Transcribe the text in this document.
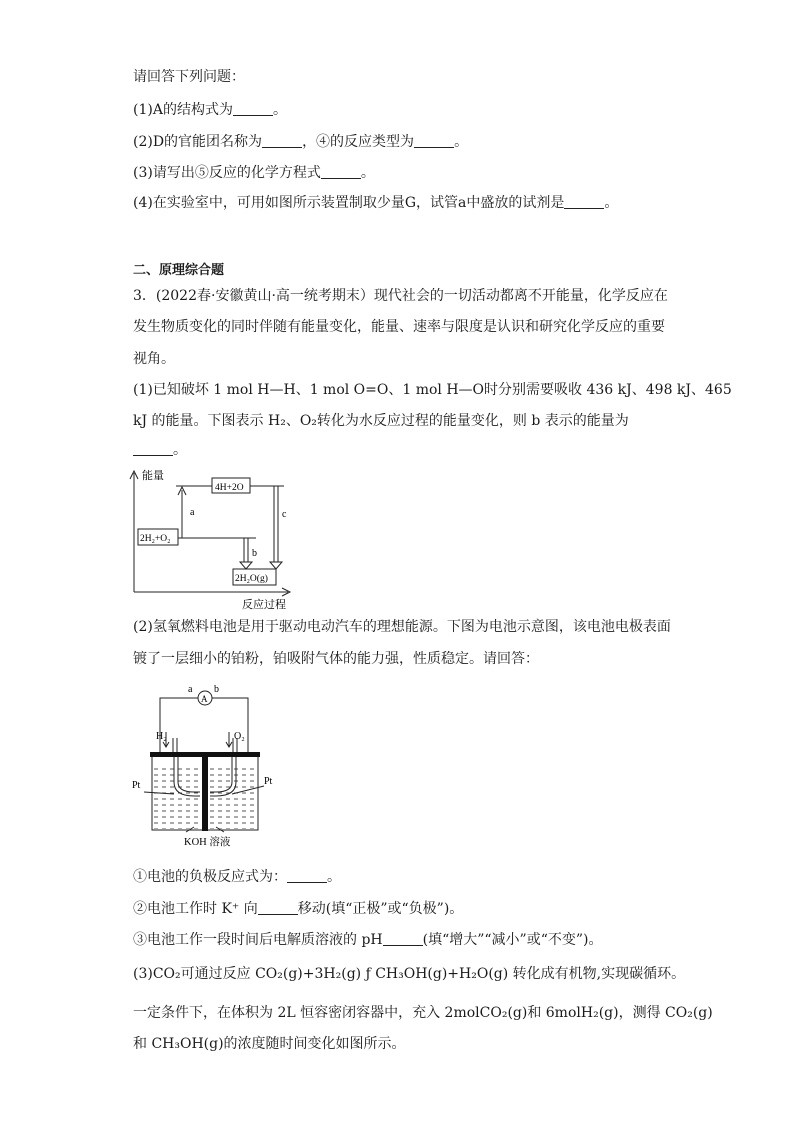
请回答下列问题：
(1)A的结构式为	。
(2)D的官能团名称为	，④的反应类型为	。
(3)请写出⑤反应的化学方程式	。
(4)在实验室中，可用如图所示装置制取少量G，试管a中盛放的试剂是	。
二、原理综合题
3．(2022春·安徽黄山·高一统考期末）现代社会的一切活动都离不开能量，化学反应在
发生物质变化的同时伴随有能量变化，能量、速率与限度是认识和研究化学反应的重要
视角。
(1)已知破坏 1 mol H—H、1 mol O=O、1 mol H—O时分别需要吸收 436 kJ、498 kJ、465
kJ 的能量。下图表示 H₂、O₂转化为水反应过程的能量变化，则 b 表示的能量为
。
能量
反应过程
4H+2O
2H₂+O₂
2H₂O(g)
a
b
c
(2)氢氧燃料电池是用于驱动电动汽车的理想能源。下图为电池示意图，该电池电极表面
镀了一层细小的铂粉，铂吸附气体的能力强，性质稳定。请回答：
a b
A
H₂	O₂
Pt	Pt
KOH 溶液
①电池的负极反应式为：	。
②电池工作时 K⁺ 向	移动(填“正极”或“负极”)。
③电池工作一段时间后电解质溶液的 pH	(填“增大”“减小”或“不变”)。
(3)CO₂可通过反应 CO₂(g)+3H₂(g) ƒ CH₃OH(g)+H₂O(g) 转化成有机物,实现碳循环。
一定条件下，在体积为 2L 恒容密闭容器中，充入 2molCO₂(g)和 6molH₂(g)，测得 CO₂(g)
和 CH₃OH(g)的浓度随时间变化如图所示。
